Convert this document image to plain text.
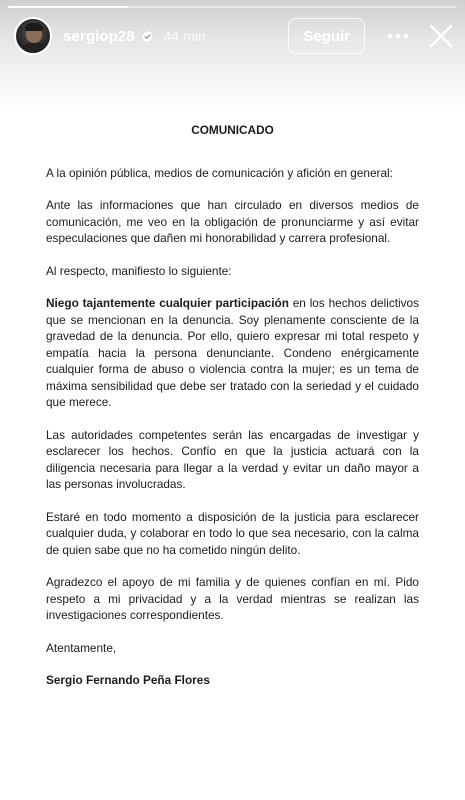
sergiop28 44 min	Seguir
COMUNICADO

A la opinión pública, medios de comunicación y afición en general:

Ante las informaciones que han circulado en diversos medios de comunicación, me veo en la obligación de pronunciarme y así evitar especulaciones que dañen mi honorabilidad y carrera profesional.

Al respecto, manifiesto lo siguiente:

Niego tajantemente cualquier participación en los hechos delictivos que se mencionan en la denuncia. Soy plenamente consciente de la gravedad de la denuncia. Por ello, quiero expresar mi total respeto y empatía hacia la persona denunciante. Condeno enérgicamente cualquier forma de abuso o violencia contra la mujer; es un tema de máxima sensibilidad que debe ser tratado con la seriedad y el cuidado que merece.

Las autoridades competentes serán las encargadas de investigar y esclarecer los hechos. Confío en que la justicia actuará con la diligencia necesaria para llegar a la verdad y evitar un daño mayor a las personas involucradas.

Estaré en todo momento a disposición de la justicia para esclarecer cualquier duda, y colaborar en todo lo que sea necesario, con la calma de quien sabe que no ha cometido ningún delito.

Agradezco el apoyo de mi familia y de quienes confían en mí. Pido respeto a mi privacidad y a la verdad mientras se realizan las investigaciones correspondientes.

Atentamente,

Sergio Fernando Peña Flores
